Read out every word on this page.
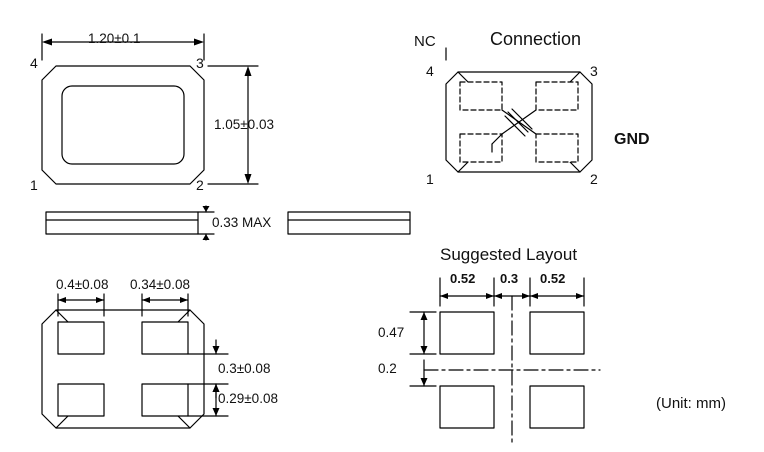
1.20±0.1
1.05±0.03
4	3
1	2
0.33 MAX
0.4±0.08 0.34±0.08
0.3±0.08
0.29±0.08
Connection
NC
GND
4	3
1	2
Suggested Layout
0.52 0.3 0.52
0.47
0.2
(Unit: mm)
